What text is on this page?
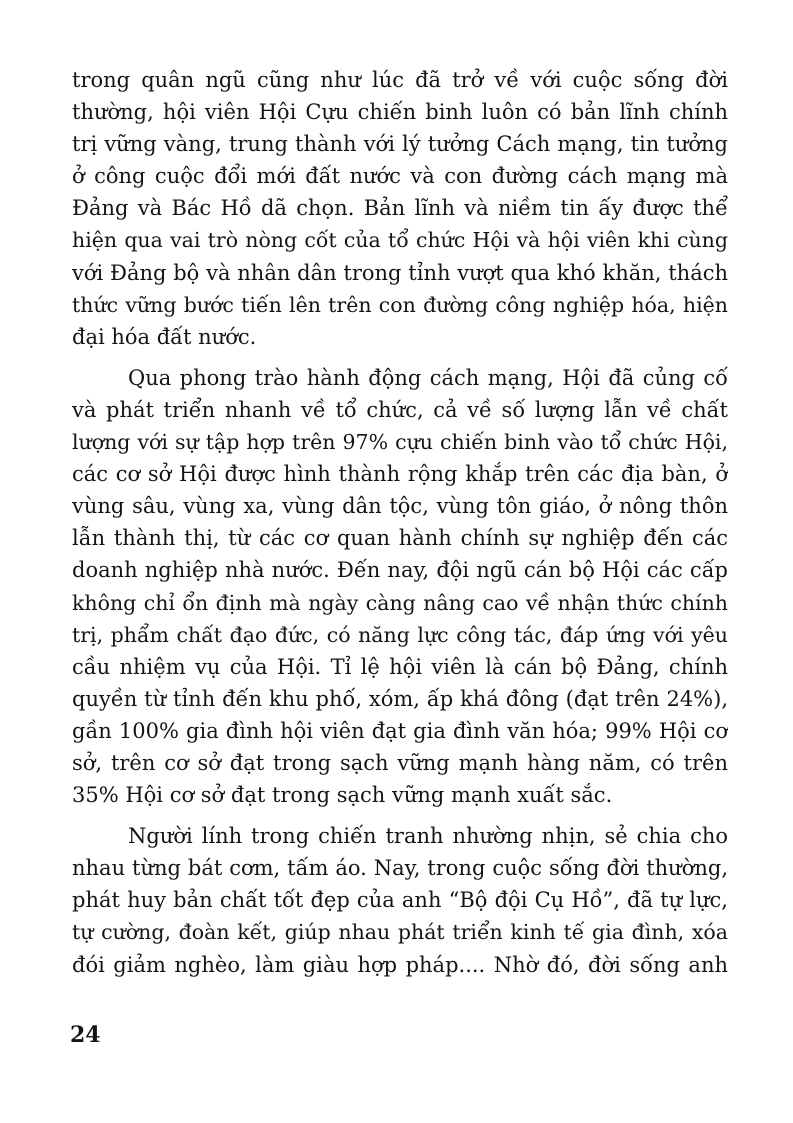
trong quân ngũ cũng như lúc đã trở về với cuộc sống đời
thường, hội viên Hội Cựu chiến binh luôn có bản lĩnh chính
trị vững vàng, trung thành với lý tưởng Cách mạng, tin tưởng
ở công cuộc đổi mới đất nước và con đường cách mạng mà
Đảng và Bác Hồ dã chọn. Bản lĩnh và niềm tin ấy được thể
hiện qua vai trò nòng cốt của tổ chức Hội và hội viên khi cùng
với Đảng bộ và nhân dân trong tỉnh vượt qua khó khăn, thách
thức vững bước tiến lên trên con đường công nghiệp hóa, hiện
đại hóa đất nước.
Qua phong trào hành động cách mạng, Hội đã củng cố
và phát triển nhanh về tổ chức, cả về số lượng lẫn về chất
lượng với sự tập hợp trên 97% cựu chiến binh vào tổ chức Hội,
các cơ sở Hội được hình thành rộng khắp trên các địa bàn, ở
vùng sâu, vùng xa, vùng dân tộc, vùng tôn giáo, ở nông thôn
lẫn thành thị, từ các cơ quan hành chính sự nghiệp đến các
doanh nghiệp nhà nước. Đến nay, đội ngũ cán bộ Hội các cấp
không chỉ ổn định mà ngày càng nâng cao về nhận thức chính
trị, phẩm chất đạo đức, có năng lực công tác, đáp ứng với yêu
cầu nhiệm vụ của Hội. Tỉ lệ hội viên là cán bộ Đảng, chính
quyền từ tỉnh đến khu phố, xóm, ấp khá đông (đạt trên 24%),
gần 100% gia đình hội viên đạt gia đình văn hóa; 99% Hội cơ
sở, trên cơ sở đạt trong sạch vững mạnh hàng năm, có trên
35% Hội cơ sở đạt trong sạch vững mạnh xuất sắc.
Người lính trong chiến tranh nhường nhịn, sẻ chia cho
nhau từng bát cơm, tấm áo. Nay, trong cuộc sống đời thường,
phát huy bản chất tốt đẹp của anh “Bộ đội Cụ Hồ”, đã tự lực,
tự cường, đoàn kết, giúp nhau phát triển kinh tế gia đình, xóa
đói giảm nghèo, làm giàu hợp pháp.... Nhờ đó, đời sống anh
24
